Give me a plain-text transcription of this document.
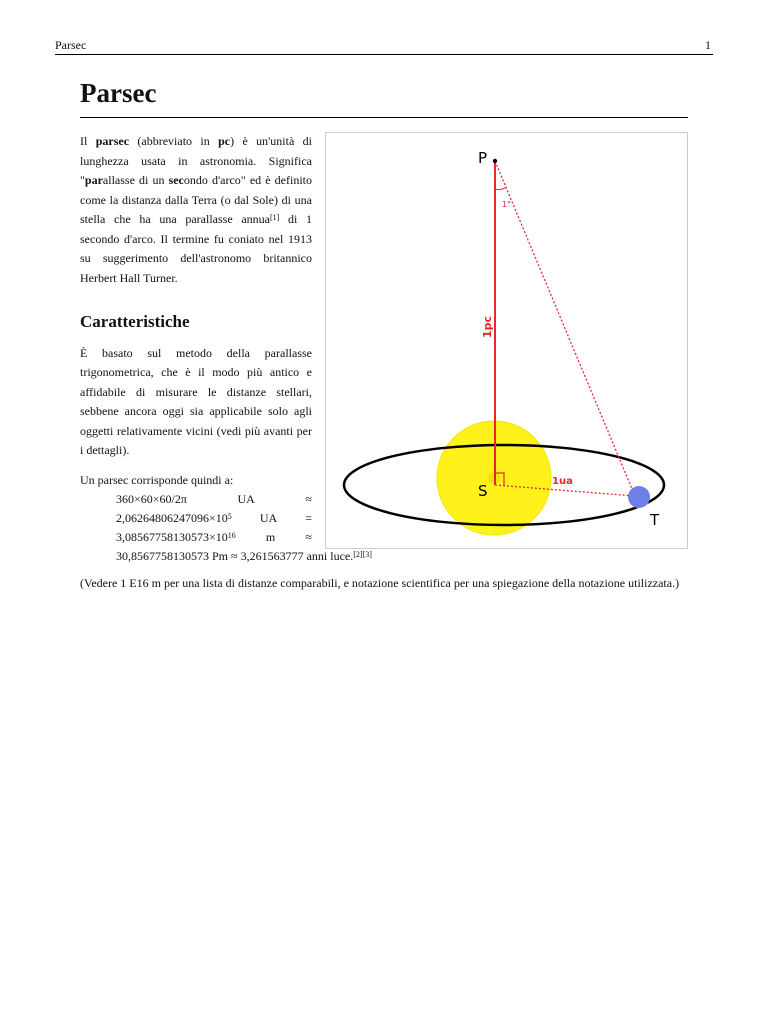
Parsec	1
Parsec

Il parsec (abbreviato in pc) è un'unità di lunghezza usata in astronomia. Significa "parallasse di un secondo d'arco" ed è definito come la distanza dalla Terra (o dal Sole) di una stella che ha una parallasse annua[1] di 1 secondo d'arco. Il termine fu coniato nel 1913 su suggerimento dell'astronomo britannico Herbert Hall Turner.

Caratteristiche

È basato sul metodo della parallasse trigonometrica, che è il modo più antico e affidabile di misurare le distanze stellari, sebbene ancora oggi sia applicabile solo agli oggetti relativamente vicini (vedi più avanti per i dettagli).

Un parsec corrisponde quindi a:

360×60×60/2π	UA	≈
$2,06264806247096\times 10^5$ UA =
$3,08567758130573\times 10^{16}$	m	≈
30,8567758130573 Pm ≈ 3,261563777 anni luce.[2][3]
P
S
T
1pc
1ua
1"

(Vedere 1 E16 m per una lista di distanze comparabili, e notazione scientifica per una spiegazione della notazione utilizzata.)
